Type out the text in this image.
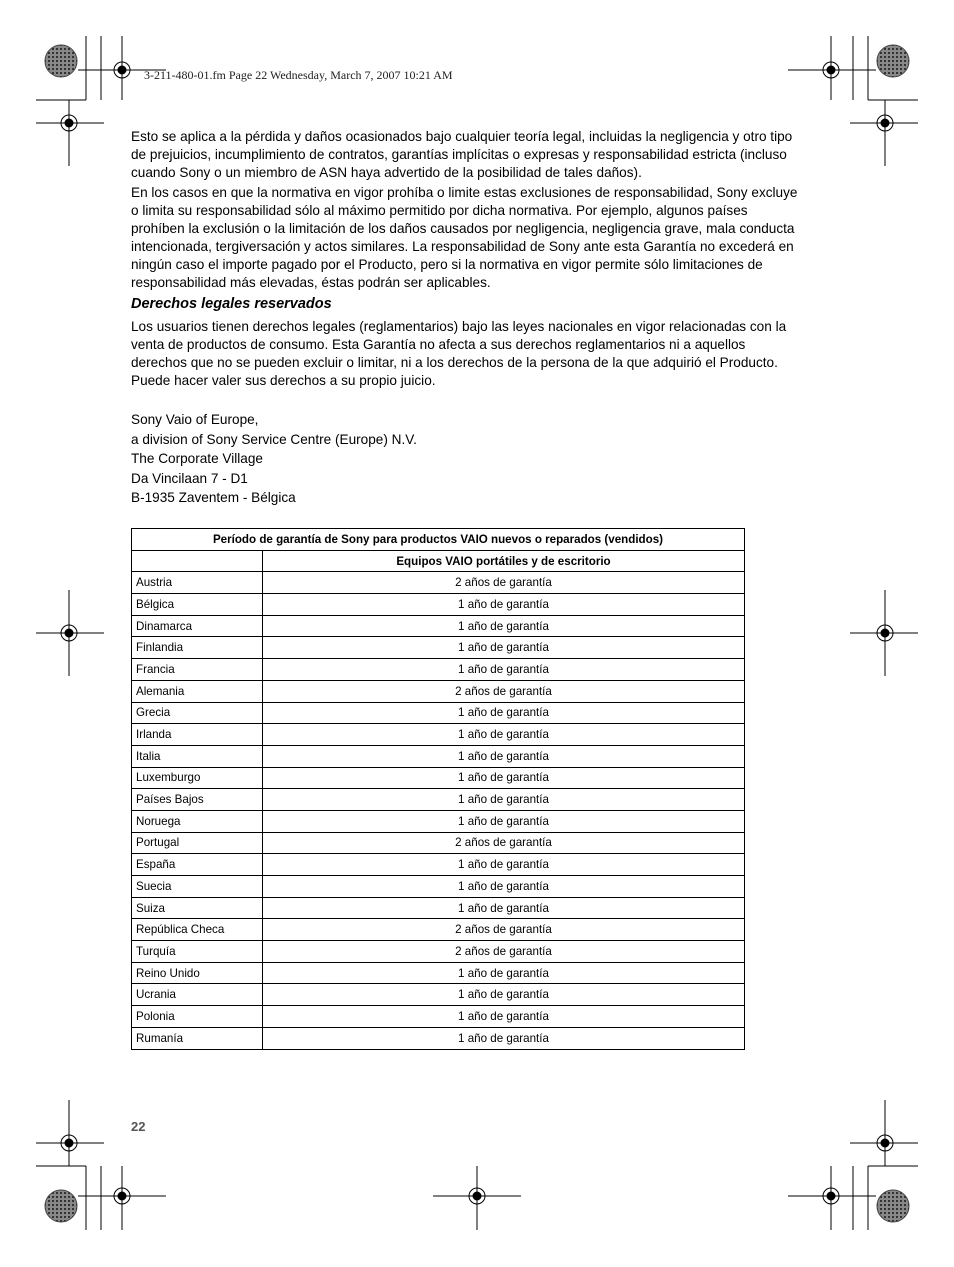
3-211-480-01.fm Page 22 Wednesday, March 7, 2007 10:21 AM

Esto se aplica a la pérdida y daños ocasionados bajo cualquier teoría legal, incluidas la negligencia y otro tipo de prejuicios, incumplimiento de contratos, garantías implícitas o expresas y responsabilidad estricta (incluso cuando Sony o un miembro de ASN haya advertido de la posibilidad de tales daños).

En los casos en que la normativa en vigor prohíba o limite estas exclusiones de responsabilidad, Sony excluye o limita su responsabilidad sólo al máximo permitido por dicha normativa. Por ejemplo, algunos países prohíben la exclusión o la limitación de los daños causados por negligencia, negligencia grave, mala conducta intencionada, tergiversación y actos similares. La responsabilidad de Sony ante esta Garantía no excederá en ningún caso el importe pagado por el Producto, pero si la normativa en vigor permite sólo limitaciones de responsabilidad más elevadas, éstas podrán ser aplicables.

Derechos legales reservados

Los usuarios tienen derechos legales (reglamentarios) bajo las leyes nacionales en vigor relacionadas con la venta de productos de consumo. Esta Garantía no afecta a sus derechos reglamentarios ni a aquellos derechos que no se pueden excluir o limitar, ni a los derechos de la persona de la que adquirió el Producto. Puede hacer valer sus derechos a su propio juicio.

Sony Vaio of Europe,
a division of Sony Service Centre (Europe) N.V.
The Corporate Village
Da Vincilaan 7 - D1
B-1935 Zaventem - Bélgica
Período de garantía de Sony para productos VAIO nuevos o reparados (vendidos)	
	Equipos VAIO portátiles y de escritorio
Austria	2 años de garantía
Bélgica	1 año de garantía
Dinamarca	1 año de garantía
Finlandia	1 año de garantía
Francia	1 año de garantía
Alemania	2 años de garantía
Grecia	1 año de garantía
Irlanda	1 año de garantía
Italia	1 año de garantía
Luxemburgo	1 año de garantía
Países Bajos	1 año de garantía
Noruega	1 año de garantía
Portugal	2 años de garantía
España	1 año de garantía
Suecia	1 año de garantía
Suiza	1 año de garantía
República Checa	2 años de garantía
Turquía	2 años de garantía
Reino Unido	1 año de garantía
Ucrania	1 año de garantía
Polonia	1 año de garantía
Rumanía	1 año de garantía
22
